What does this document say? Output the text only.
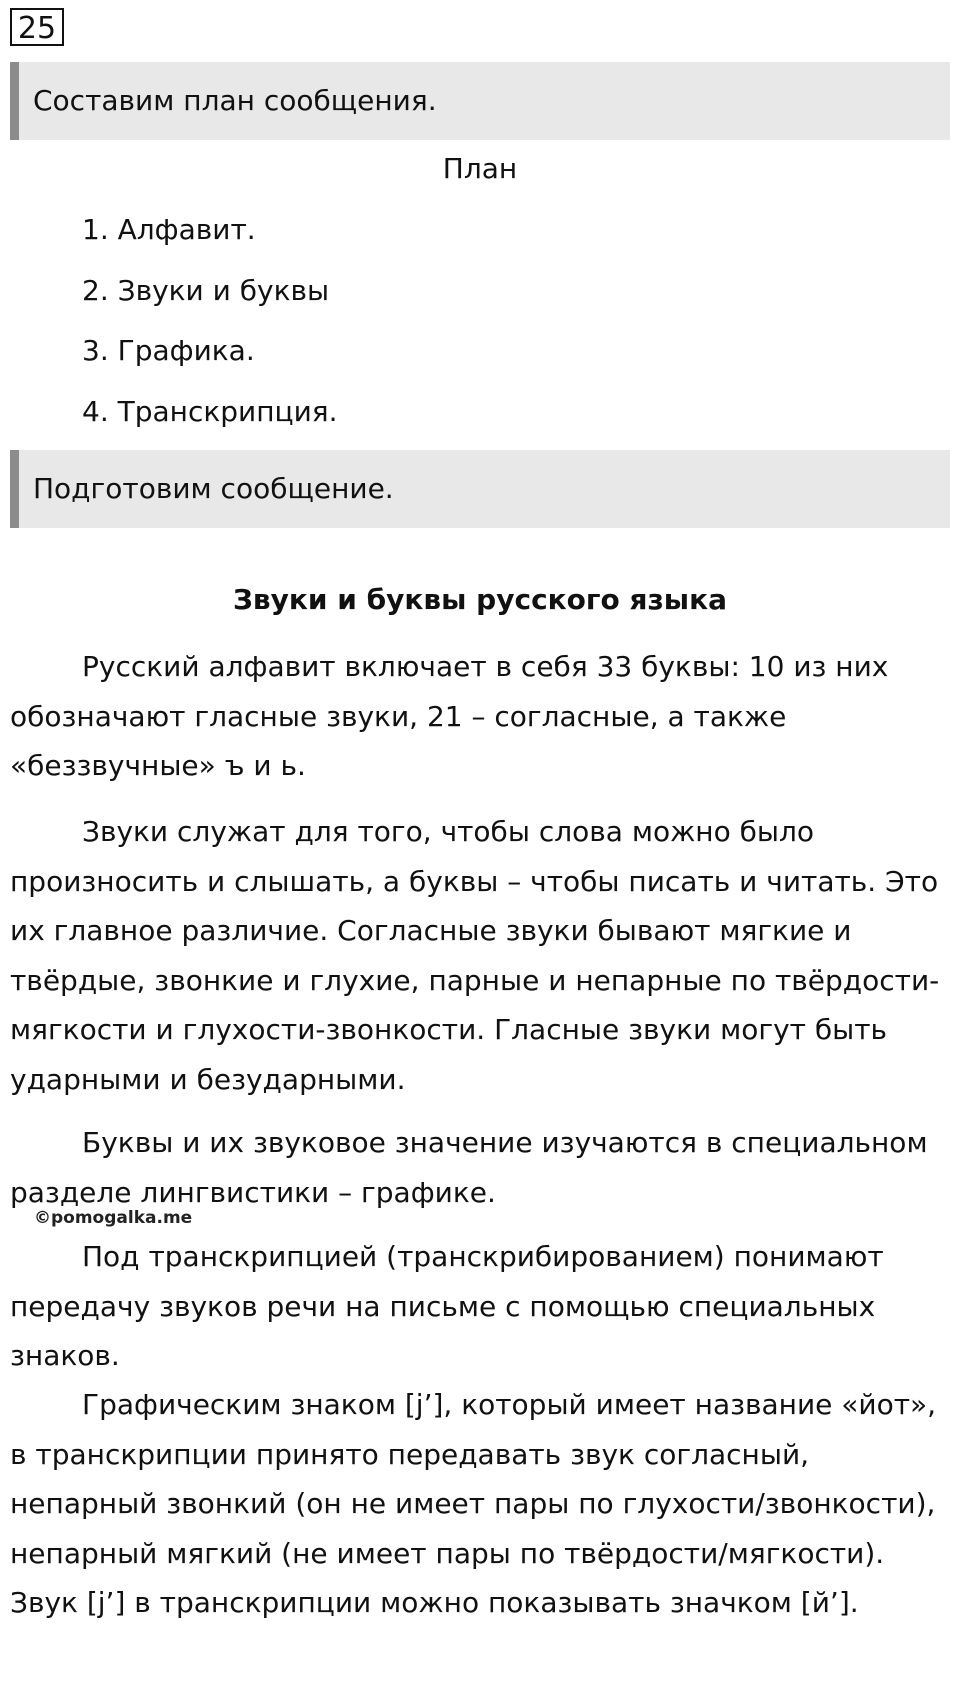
25
Составим план сообщения.
План
1. Алфавит.
2. Звуки и буквы
3. Графика.
4. Транскрипция.
Подготовим сообщение.
Звуки и буквы русского языка

Русский алфавит включает в себя 33 буквы: 10 из них обозначают гласные звуки, 21 – согласные, а также «беззвучные» ъ и ь.

Звуки служат для того, чтобы слова можно было произносить и слышать, а буквы – чтобы писать и читать. Это их главное различие. Согласные звуки бывают мягкие и твёрдые, звонкие и глухие, парные и непарные по твёрдости-мягкости и глухости-звонкости. Гласные звуки могут быть ударными и безударными.

Буквы и их звуковое значение изучаются в специальном разделе лингвистики – графике.

©pomogalka.me

Под транскрипцией (транскрибированием) понимают передачу звуков речи на письме с помощью специальных знаков.

Графическим знаком [j’], который имеет название «йот», в транскрипции принято передавать звук согласный, непарный звонкий (он не имеет пары по глухости/звонкости), непарный мягкий (не имеет пары по твёрдости/мягкости). Звук [j’] в транскрипции можно показывать значком [й’].
